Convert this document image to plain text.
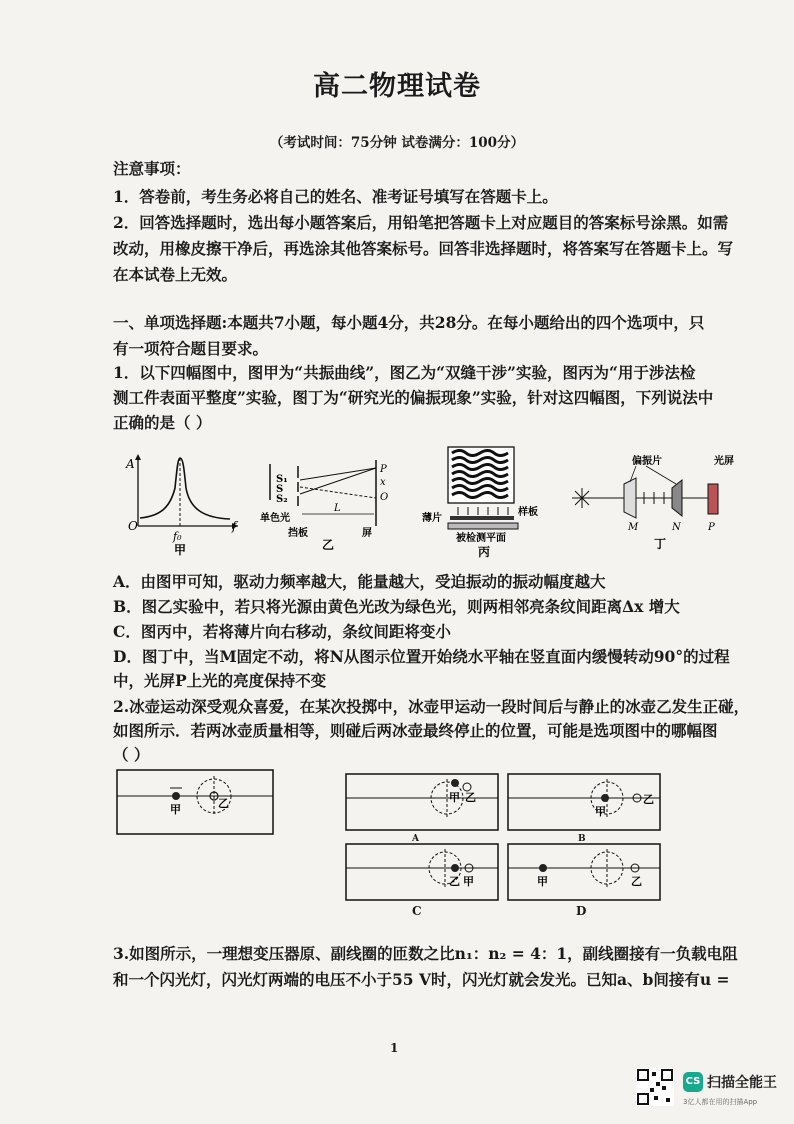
高二物理试卷
（考试时间：75分钟 试卷满分：100分）
注意事项：
1．答卷前，考生务必将自己的姓名、准考证号填写在答题卡上。
2．回答选择题时，选出每小题答案后，用铅笔把答题卡上对应题目的答案标号涂黑。如需
改动，用橡皮擦干净后，再选涂其他答案标号。回答非选择题时，将答案写在答题卡上。写
在本试卷上无效。
一、单项选择题:本题共7小题，每小题4分，共28分。在每小题给出的四个选项中，只
有一项符合题目要求。
1．以下四幅图中，图甲为“共振曲线”，图乙为“双缝干涉”实验，图丙为“用于涉法检
测工件表面平整度”实验，图丁为“研究光的偏振现象”实验，针对这四幅图，下列说法中
正确的是（ ）
A
O	f
f₀
甲
S₁
S
S₂
P
x
O
L
单色光
挡板	屏
乙
薄片
样板
被检测平面
丙
偏振片	光屏
M	N	P
丁
A．由图甲可知，驱动力频率越大，能量越大，受迫振动的振动幅度越大
B．图乙实验中，若只将光源由黄色光改为绿色光，则两相邻亮条纹间距离Δx 增大
C．图丙中，若将薄片向右移动，条纹间距将变小
D．图丁中，当M固定不动，将N从图示位置开始绕水平轴在竖直面内缓慢转动90°的过程
中，光屏P上光的亮度保持不变
2.冰壶运动深受观众喜爱，在某次投掷中，冰壶甲运动一段时间后与静止的冰壶乙发生正碰，
如图所示．若两冰壶质量相等，则碰后两冰壶最终停止的位置，可能是选项图中的哪幅图
（ ）
甲	乙	甲 乙
A
甲
乙
B
乙 甲
C
甲	乙
D
3.如图所示，一理想变压器原、副线圈的匝数之比n₁：n₂ = 4：1，副线圈接有一负载电阻
和一个闪光灯，闪光灯两端的电压不小于55 V时，闪光灯就会发光。已知a、b间接有u =
1
CS 扫描全能王
3亿人都在用的扫描App
